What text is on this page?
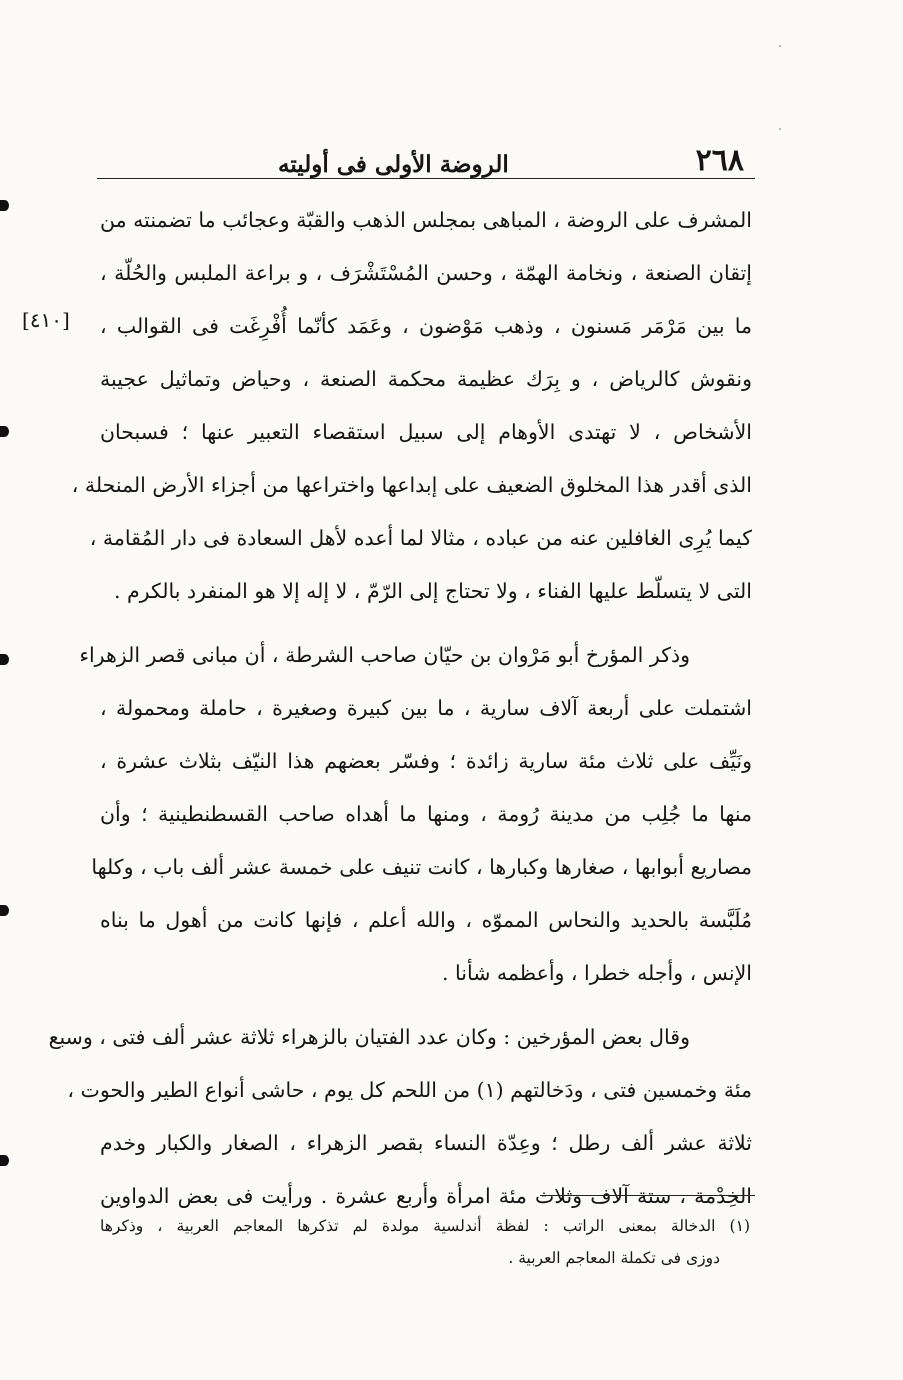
٢٦٨
الروضة الأولى فى أوليته
[٤١٠]
المشرف على الروضة ، المباهى بمجلس الذهب والقبّة وعجائب ما تضمنته من
إتقان الصنعة ، ونخامة الهمّة ، وحسن المُسْتَشْرَف ، و براعة الملبس والحُلّة ،
ما بين مَرْمَر مَسنون ، وذهب مَوْضون ، وعَمَد كأنّما أُفْرِغَت فى القوالب ،
ونقوش كالرياض ، و بِرَك عظيمة محكمة الصنعة ، وحياض وتماثيل عجيبة
الأشخاص ، لا تهتدى الأوهام إلى سبيل استقصاء التعبير عنها ؛ فسبحان
الذى أقدر هذا المخلوق الضعيف على إبداعها واختراعها من أجزاء الأرض المنحلة ،
كيما يُرِى الغافلين عنه من عباده ، مثالا لما أعده لأهل السعادة فى دار المُقامة ،
التى لا يتسلّط عليها الفناء ، ولا تحتاج إلى الرّمّ ، لا إله إلا هو المنفرد بالكرم .
وذكر المؤرخ أبو مَرْوان بن حيّان صاحب الشرطة ، أن مبانى قصر الزهراء
اشتملت على أربعة آلاف سارية ، ما بين كبيرة وصغيرة ، حاملة ومحمولة ،
ونَيِّف على ثلاث مئة سارية زائدة ؛ وفسّر بعضهم هذا النيّف بثلاث عشرة ،
منها ما جُلِب من مدينة رُومة ، ومنها ما أهداه صاحب القسطنطينية ؛ وأن
مصاريع أبوابها ، صغارها وكبارها ، كانت تنيف على خمسة عشر ألف باب ، وكلها
مُلَبَّسة بالحديد والنحاس المموّه ، والله أعلم ، فإنها كانت من أهول ما بناه
الإنس ، وأجله خطرا ، وأعظمه شأنا .
وقال بعض المؤرخين : وكان عدد الفتيان بالزهراء ثلاثة عشر ألف فتى ، وسبع
مئة وخمسين فتى ، ودَخالتهم (١) من اللحم كل يوم ، حاشى أنواع الطير والحوت ،
ثلاثة عشر ألف رطل ؛ وعِدّة النساء بقصر الزهراء ، الصغار والكبار وخدم
الخِدْمة ، ستة آلاف وثلاث مئة امرأة وأربع عشرة . ورأيت فى بعض الدواوين
(١) الدخالة بمعنى الراتب : لفظة أندلسية مولدة لم تذكرها المعاجم العربية ، وذكرها
دوزى فى تكملة المعاجم العربية .
